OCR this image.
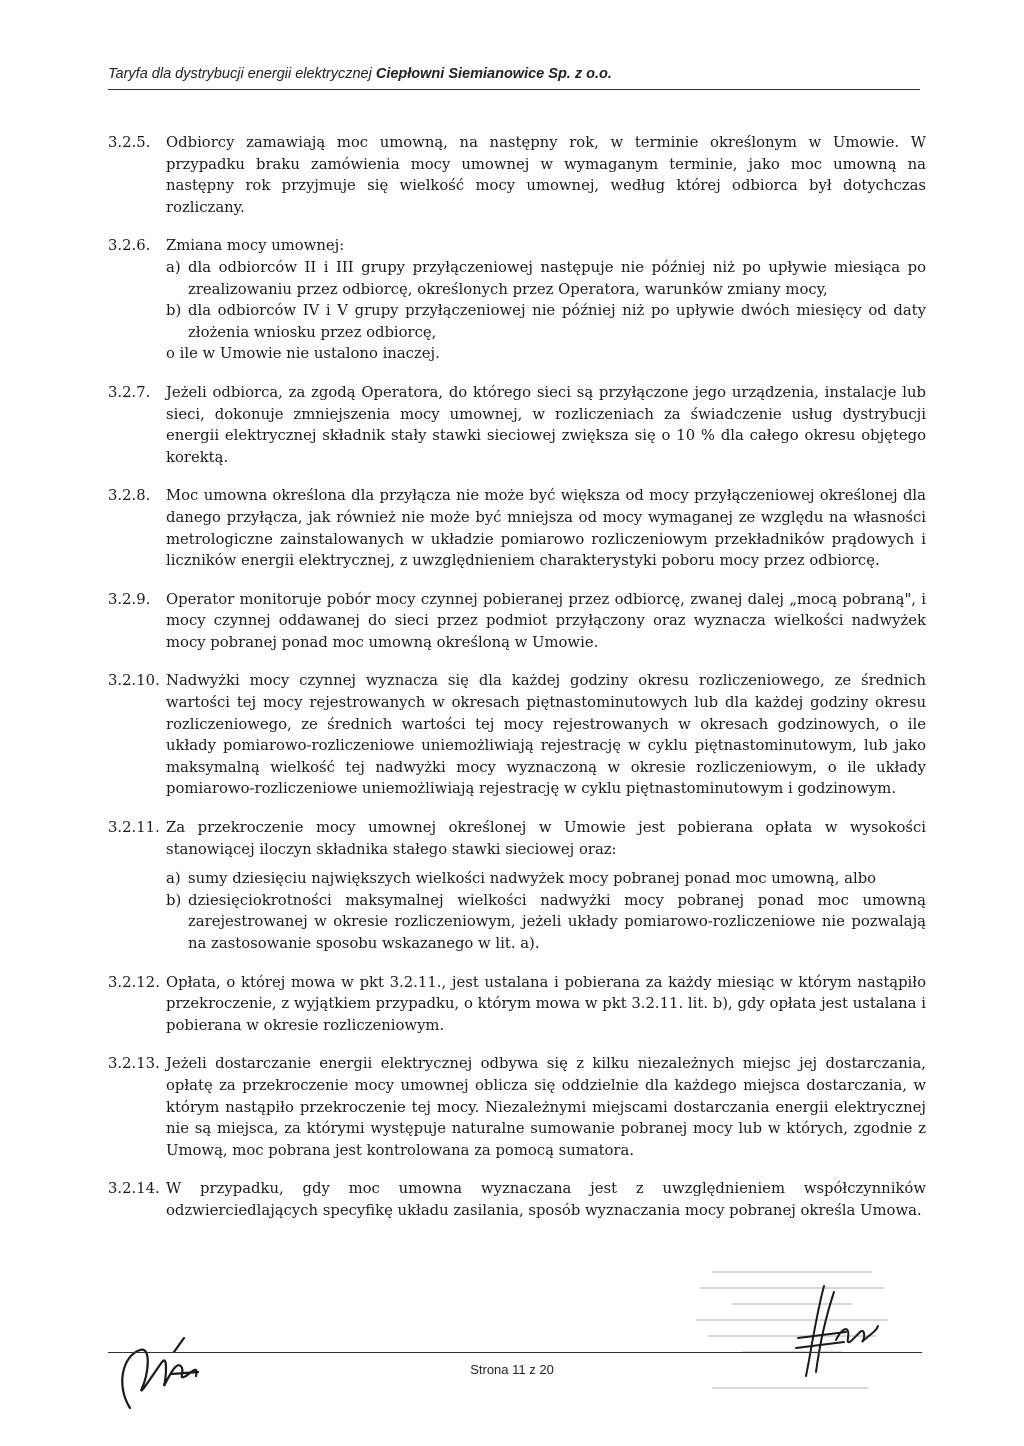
Taryfa dla dystrybucji energii elektrycznej Ciepłowni Siemianowice Sp. z o.o.
3.2.5. Odbiorcy zamawiają moc umowną, na następny rok, w terminie określonym w Umowie. W przypadku braku zamówienia mocy umownej w wymaganym terminie, jako moc umowną na następny rok przyjmuje się wielkość mocy umownej, według której odbiorca był dotychczas rozliczany.

3.2.6. Zmiana mocy umownej:

a) dla odbiorców II i III grupy przyłączeniowej następuje nie później niż po upływie miesiąca po zrealizowaniu przez odbiorcę, określonych przez Operatora, warunków zmiany mocy,
b) dla odbiorców IV i V grupy przyłączeniowej nie później niż po upływie dwóch miesięcy od daty złożenia wniosku przez odbiorcę,

o ile w Umowie nie ustalono inaczej.

3.2.7. Jeżeli odbiorca, za zgodą Operatora, do którego sieci są przyłączone jego urządzenia, instalacje lub sieci, dokonuje zmniejszenia mocy umownej, w rozliczeniach za świadczenie usług dystrybucji energii elektrycznej składnik stały stawki sieciowej zwiększa się o 10 % dla całego okresu objętego korektą.

3.2.8. Moc umowna określona dla przyłącza nie może być większa od mocy przyłączeniowej określonej dla danego przyłącza, jak również nie może być mniejsza od mocy wymaganej ze względu na własności metrologiczne zainstalowanych w układzie pomiarowo rozliczeniowym przekładników prądowych i liczników energii elektrycznej, z uwzględnieniem charakterystyki poboru mocy przez odbiorcę.

3.2.9. Operator monitoruje pobór mocy czynnej pobieranej przez odbiorcę, zwanej dalej „mocą pobraną", i mocy czynnej oddawanej do sieci przez podmiot przyłączony oraz wyznacza wielkości nadwyżek mocy pobranej ponad moc umowną określoną w Umowie.

3.2.10. Nadwyżki mocy czynnej wyznacza się dla każdej godziny okresu rozliczeniowego, ze średnich wartości tej mocy rejestrowanych w okresach piętnastominutowych lub dla każdej godziny okresu rozliczeniowego, ze średnich wartości tej mocy rejestrowanych w okresach godzinowych, o ile układy pomiarowo-rozliczeniowe uniemożliwiają rejestrację w cyklu piętnastominutowym, lub jako maksymalną wielkość tej nadwyżki mocy wyznaczoną w okresie rozliczeniowym, o ile układy pomiarowo-rozliczeniowe uniemożliwiają rejestrację w cyklu piętnastominutowym i godzinowym.

3.2.11. Za przekroczenie mocy umownej określonej w Umowie jest pobierana opłata w wysokości stanowiącej iloczyn składnika stałego stawki sieciowej oraz:

a) sumy dziesięciu największych wielkości nadwyżek mocy pobranej ponad moc umowną, albo
b) dziesięciokrotności maksymalnej wielkości nadwyżki mocy pobranej ponad moc umowną zarejestrowanej w okresie rozliczeniowym, jeżeli układy pomiarowo-rozliczeniowe nie pozwalają na zastosowanie sposobu wskazanego w lit. a).
3.2.12. Opłata, o której mowa w pkt 3.2.11., jest ustalana i pobierana za każdy miesiąc w którym nastąpiło przekroczenie, z wyjątkiem przypadku, o którym mowa w pkt 3.2.11. lit. b), gdy opłata jest ustalana i pobierana w okresie rozliczeniowym.

3.2.13. Jeżeli dostarczanie energii elektrycznej odbywa się z kilku niezależnych miejsc jej dostarczania, opłatę za przekroczenie mocy umownej oblicza się oddzielnie dla każdego miejsca dostarczania, w którym nastąpiło przekroczenie tej mocy. Niezależnymi miejscami dostarczania energii elektrycznej nie są miejsca, za którymi występuje naturalne sumowanie pobranej mocy lub w których, zgodnie z Umową, moc pobrana jest kontrolowana za pomocą sumatora.

3.2.14. W przypadku, gdy moc umowna wyznaczana jest z uwzględnieniem współczynników odzwierciedlających specyfikę układu zasilania, sposób wyznaczania mocy pobranej określa Umowa.

Strona 11 z 20
